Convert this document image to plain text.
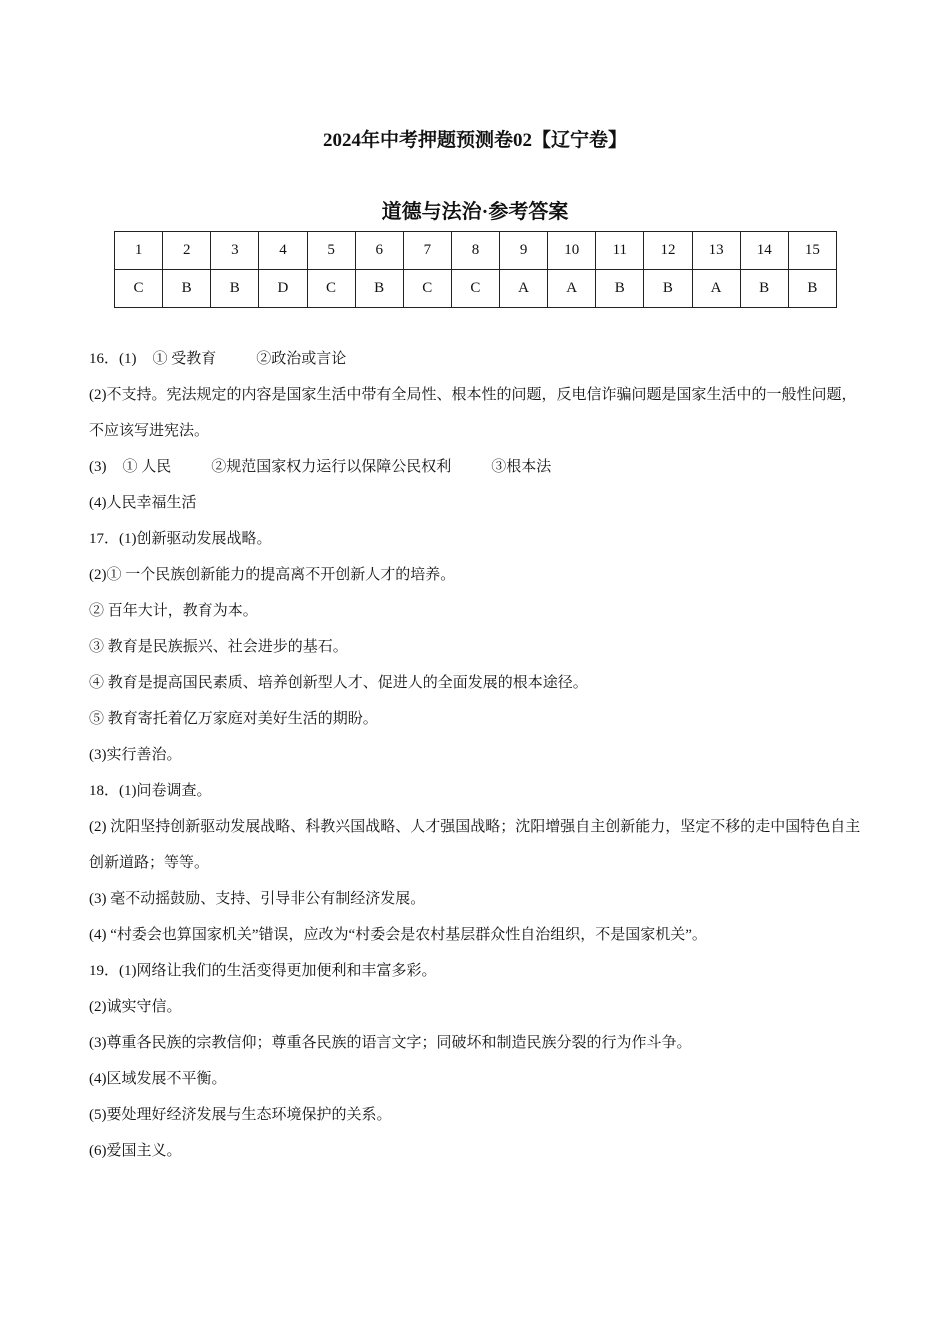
2024年中考押题预测卷02【辽宁卷】
道德与法治·参考答案
1	2	3	4	5	6	7	8	9	10	11	12	13	14	15
C	B	B	D	C	B	C	C	A	A	B	B	A	B	B
16．(1) ① 受教育	②政治或言论
(2)不支持。宪法规定的内容是国家生活中带有全局性、根本性的问题，反电信诈骗问题是国家生活中的一般性问题，不应该写进宪法。
(3) ① 人民	②规范国家权力运行以保障公民权利	③根本法
(4)人民幸福生活
17．(1)创新驱动发展战略。
(2)① 一个民族创新能力的提高离不开创新人才的培养。
② 百年大计，教育为本。
③ 教育是民族振兴、社会进步的基石。
④ 教育是提高国民素质、培养创新型人才、促进人的全面发展的根本途径。
⑤ 教育寄托着亿万家庭对美好生活的期盼。
(3)实行善治。
18．(1)问卷调查。
(2) 沈阳坚持创新驱动发展战略、科教兴国战略、人才强国战略；沈阳增强自主创新能力，坚定不移的走中国特色自主创新道路；等等。
(3) 毫不动摇鼓励、支持、引导非公有制经济发展。
(4) “村委会也算国家机关”错误，应改为“村委会是农村基层群众性自治组织，不是国家机关”。
19．(1)网络让我们的生活变得更加便利和丰富多彩。
(2)诚实守信。
(3)尊重各民族的宗教信仰；尊重各民族的语言文字；同破坏和制造民族分裂的行为作斗争。
(4)区域发展不平衡。
(5)要处理好经济发展与生态环境保护的关系。
(6)爱国主义。
